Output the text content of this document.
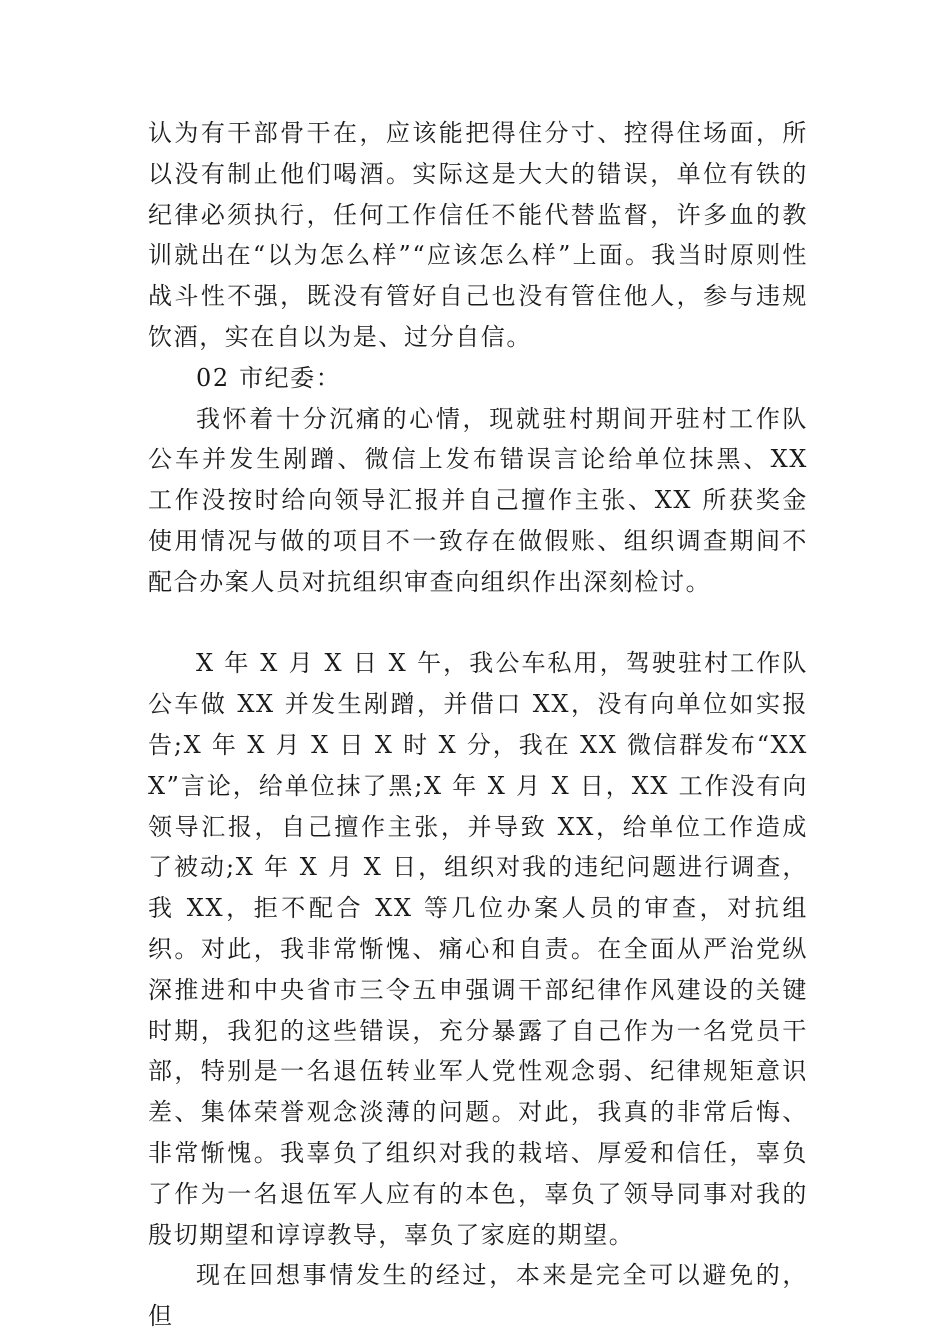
认为有干部骨干在，应该能把得住分寸、控得住场面，所以没有制止他们喝酒。实际这是大大的错误，单位有铁的纪律必须执行，任何工作信任不能代替监督，许多血的教训就出在“以为怎么样”“应该怎么样”上面。我当时原则性战斗性不强，既没有管好自己也没有管住他人，参与违规饮酒，实在自以为是、过分自信。

02 市纪委：

我怀着十分沉痛的心情，现就驻村期间开驻村工作队公车并发生剐蹭、微信上发布错误言论给单位抹黑、XX 工作没按时给向领导汇报并自己擅作主张、XX 所获奖金使用情况与做的项目不一致存在做假账、组织调查期间不配合办案人员对抗组织审查向组织作出深刻检讨。

X 年 X 月 X 日 X 午，我公车私用，驾驶驻村工作队公车做 XX 并发生剐蹭，并借口 XX，没有向单位如实报告;X 年 X 月 X 日 X 时 X 分，我在 XX 微信群发布“XXX”言论，给单位抹了黑;X 年 X 月 X 日，XX 工作没有向领导汇报，自己擅作主张，并导致 XX，给单位工作造成了被动;X 年 X 月 X 日，组织对我的违纪问题进行调查，我 XX，拒不配合 XX 等几位办案人员的审查，对抗组织。对此，我非常惭愧、痛心和自责。在全面从严治党纵深推进和中央省市三令五申强调干部纪律作风建设的关键时期，我犯的这些错误，充分暴露了自己作为一名党员干部，特别是一名退伍转业军人党性观念弱、纪律规矩意识差、集体荣誉观念淡薄的问题。对此，我真的非常后悔、非常惭愧。我辜负了组织对我的栽培、厚爱和信任，辜负了作为一名退伍军人应有的本色，辜负了领导同事对我的殷切期望和谆谆教导，辜负了家庭的期望。

现在回想事情发生的经过，本来是完全可以避免的，但
